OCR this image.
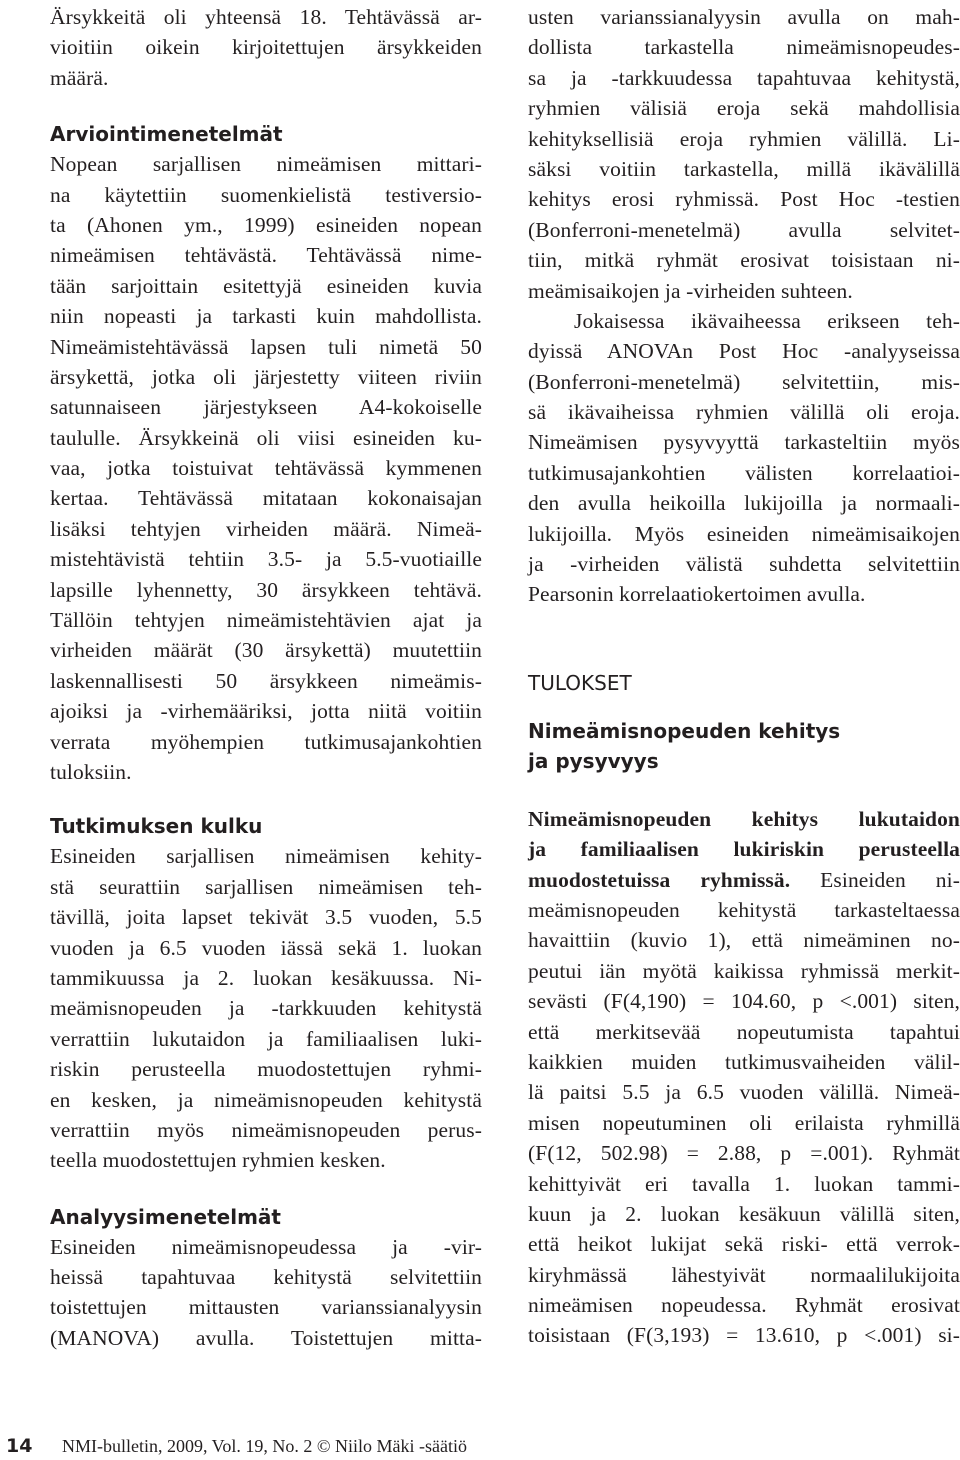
Ärsykkeitä oli yhteensä 18. Tehtävässä ar-
vioitiin oikein kirjoitettujen ärsykkeiden
määrä.
Arviointimenetelmät
Nopean sarjallisen nimeämisen mittari-
na käytettiin suomenkielistä testiversio-
ta (Ahonen ym., 1999) esineiden nopean
nimeämisen tehtävästä. Tehtävässä nime-
tään sarjoittain esitettyjä esineiden kuvia
niin nopeasti ja tarkasti kuin mahdollista.
Nimeämistehtävässä lapsen tuli nimetä 50
ärsykettä, jotka oli järjestetty viiteen riviin
satunnaiseen järjestykseen A4-kokoiselle
taululle. Ärsykkeinä oli viisi esineiden ku-
vaa, jotka toistuivat tehtävässä kymmenen
kertaa. Tehtävässä mitataan kokonaisajan
lisäksi tehtyjen virheiden määrä. Nimeä-
mistehtävistä tehtiin 3.5- ja 5.5-vuotiaille
lapsille lyhennetty, 30 ärsykkeen tehtävä.
Tällöin tehtyjen nimeämistehtävien ajat ja
virheiden määrät (30 ärsykettä) muutettiin
laskennallisesti 50 ärsykkeen nimeämis-
ajoiksi ja -virhemääriksi, jotta niitä voitiin
verrata myöhempien tutkimusajankohtien
tuloksiin.
Tutkimuksen kulku
Esineiden sarjallisen nimeämisen kehity-
stä seurattiin sarjallisen nimeämisen teh-
tävillä, joita lapset tekivät 3.5 vuoden, 5.5
vuoden ja 6.5 vuoden iässä sekä 1. luokan
tammikuussa ja 2. luokan kesäkuussa. Ni-
meämisnopeuden ja -tarkkuuden kehitystä
verrattiin lukutaidon ja familiaalisen luki-
riskin perusteella muodostettujen ryhmi-
en kesken, ja nimeämisnopeuden kehitystä
verrattiin myös nimeämisnopeuden perus-
teella muodostettujen ryhmien kesken.
Analyysimenetelmät
Esineiden nimeämisnopeudessa ja -vir-
heissä tapahtuvaa kehitystä selvitettiin
toistettujen mittausten varianssianalyysin
(MANOVA) avulla. Toistettujen mitta-
usten varianssianalyysin avulla on mah-
dollista tarkastella nimeämisnopeudes-
sa ja -tarkkuudessa tapahtuvaa kehitystä,
ryhmien välisiä eroja sekä mahdollisia
kehityksellisiä eroja ryhmien välillä. Li-
säksi voitiin tarkastella, millä ikävälillä
kehitys erosi ryhmissä. Post Hoc -testien
(Bonferroni-menetelmä) avulla selvitet-
tiin, mitkä ryhmät erosivat toisistaan ni-
meämisaikojen ja -virheiden suhteen.
Jokaisessa ikävaiheessa erikseen teh-
dyissä ANOVAn Post Hoc -analyyseissa
(Bonferroni-menetelmä) selvitettiin, mis-
sä ikävaiheissa ryhmien välillä oli eroja.
Nimeämisen pysyvyyttä tarkasteltiin myös
tutkimusajankohtien välisten korrelaatioi-
den avulla heikoilla lukijoilla ja normaali-
lukijoilla. Myös esineiden nimeämisaikojen
ja -virheiden välistä suhdetta selvitettiin
Pearsonin korrelaatiokertoimen avulla.
TULOKSET
Nimeämisnopeuden kehitys
ja pysyvyys
Nimeämisnopeuden kehitys lukutaidon
ja familiaalisen lukiriskin perusteella
muodostetuissa ryhmissä. Esineiden ni-
meämisnopeuden kehitystä tarkasteltaessa
havaittiin (kuvio 1), että nimeäminen no-
peutui iän myötä kaikissa ryhmissä merkit-
sevästi (F(4,190) = 104.60, p <.001) siten,
että merkitsevää nopeutumista tapahtui
kaikkien muiden tutkimusvaiheiden välil-
lä paitsi 5.5 ja 6.5 vuoden välillä. Nimeä-
misen nopeutuminen oli erilaista ryhmillä
(F(12, 502.98) = 2.88, p =.001). Ryhmät
kehittyivät eri tavalla 1. luokan tammi-
kuun ja 2. luokan kesäkuun välillä siten,
että heikot lukijat sekä riski- että verrok-
kiryhmässä lähestyivät normaalilukijoita
nimeämisen nopeudessa. Ryhmät erosivat
toisistaan (F(3,193) = 13.610, p <.001) si-
14 NMI-bulletin, 2009, Vol. 19, No. 2 © Niilo Mäki -säätiö
